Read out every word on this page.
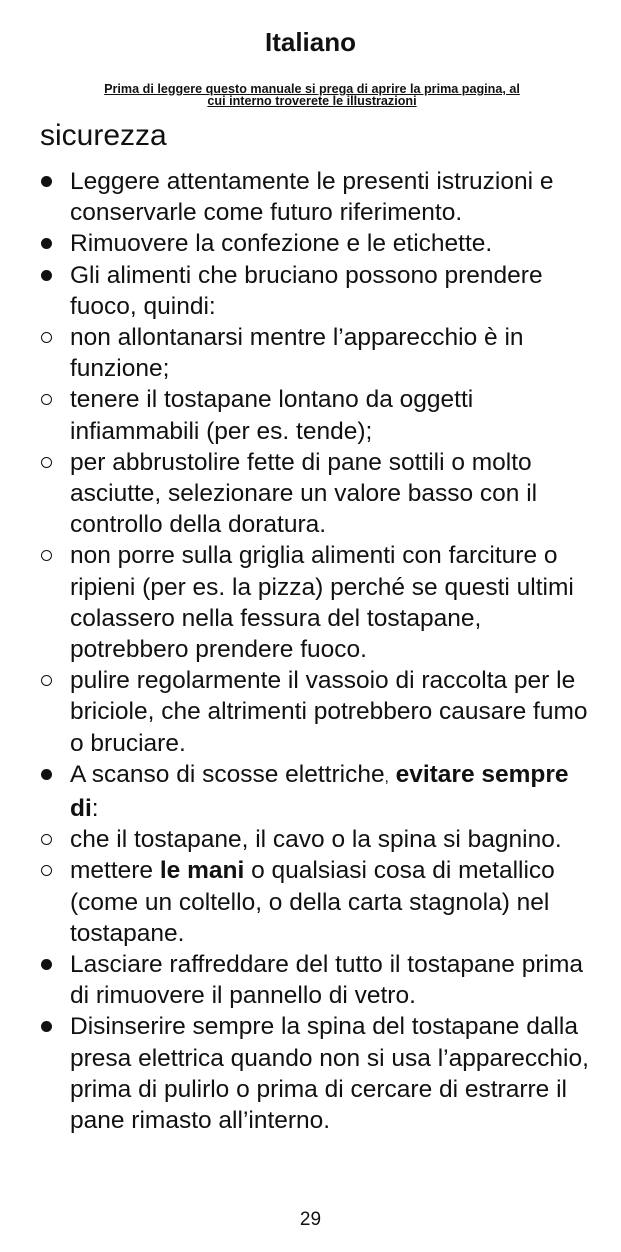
Italiano
Prima di leggere questo manuale si prega di aprire la prima pagina, al
cui interno troverete le illustrazioni
sicurezza
Leggere attentamente le presenti istruzioni e conservarle come futuro riferimento.
Rimuovere la confezione e le etichette.
Gli alimenti che bruciano possono prendere fuoco, quindi:
non allontanarsi mentre l’apparecchio è in funzione;
tenere il tostapane lontano da oggetti infiammabili (per es. tende);
per abbrustolire fette di pane sottili o molto asciutte, selezionare un valore basso con il controllo della doratura.
non porre sulla griglia alimenti con farciture o ripieni (per es. la pizza) perché se questi ultimi colassero nella fessura del tostapane, potrebbero prendere fuoco.
pulire regolarmente il vassoio di raccolta per le briciole, che altrimenti potrebbero causare fumo o bruciare.
A scanso di scosse elettriche, evitare sempre di:
che il tostapane, il cavo o la spina si bagnino.
mettere le mani o qualsiasi cosa di metallico (come un coltello, o della carta stagnola) nel tostapane.
Lasciare raffreddare del tutto il tostapane prima di rimuovere il pannello di vetro.
Disinserire sempre la spina del tostapane dalla presa elettrica quando non si usa l’apparecchio, prima di pulirlo o prima di cercare di estrarre il pane rimasto all’interno.
29
